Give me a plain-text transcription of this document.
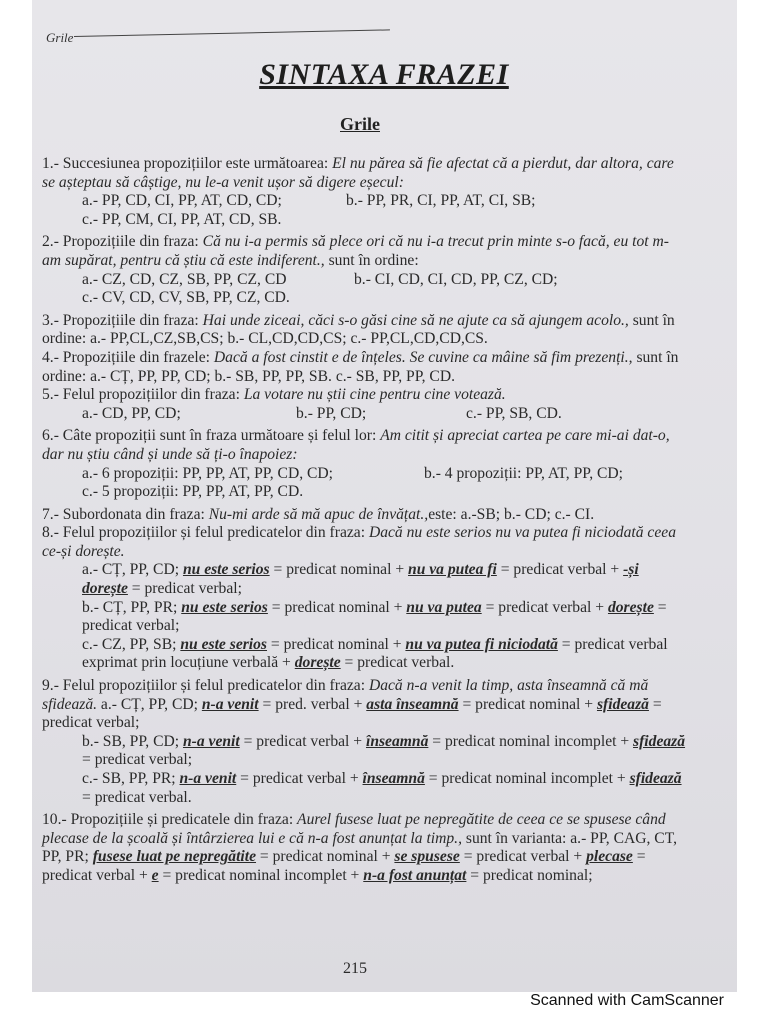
Grile
SINTAXA FRAZEI
Grile

1.- Succesiunea propozițiilor este următoarea: El nu părea să fie afectat că a pierdut, dar altora, care se așteptau să câștige, nu le-a venit ușor să digere eșecul:

a.- PP, CD, CI, PP, AT, CD, CD;	b.- PP, PR, CI, PP, AT, CI, SB;

c.- PP, CM, CI, PP, AT, CD, SB.

2.- Propozițiile din fraza: Că nu i-a permis să plece ori că nu i-a trecut prin minte s-o facă, eu tot m-am supărat, pentru că știu că este indiferent., sunt în ordine:

a.- CZ, CD, CZ, SB, PP, CZ, CD	b.- CI, CD, CI, CD, PP, CZ, CD;

c.- CV, CD, CV, SB, PP, CZ, CD.

3.- Propozițiile din fraza: Hai unde ziceai, căci s-o găsi cine să ne ajute ca să ajungem acolo., sunt în ordine: a.- PP,CL,CZ,SB,CS; b.- CL,CD,CD,CS; c.- PP,CL,CD,CD,CS.

4.- Propozițiile din frazele: Dacă a fost cinstit e de înțeles. Se cuvine ca mâine să fim prezenți., sunt în ordine: a.- CȚ, PP, PP, CD; b.- SB, PP, PP, SB. c.- SB, PP, PP, CD.

5.- Felul propozițiilor din fraza: La votare nu știi cine pentru cine votează.

a.- CD, PP, CD;	b.- PP, CD;	c.- PP, SB, CD.

6.- Câte propoziții sunt în fraza următoare și felul lor: Am citit și apreciat cartea pe care mi-ai dat-o, dar nu știu când și unde să ți-o înapoiez:

a.- 6 propoziții: PP, PP, AT, PP, CD, CD;	b.- 4 propoziții: PP, AT, PP, CD;

c.- 5 propoziții: PP, PP, AT, PP, CD.

7.- Subordonata din fraza: Nu-mi arde să mă apuc de învățat.,este: a.-SB; b.- CD; c.- CI.

8.- Felul propozițiilor și felul predicatelor din fraza: Dacă nu este serios nu va putea fi niciodată ceea ce-și dorește.

a.- CȚ, PP, CD; nu este serios = predicat nominal + nu va putea fi = predicat verbal + -și dorește = predicat verbal;

b.- CȚ, PP, PR; nu este serios = predicat nominal + nu va putea = predicat verbal + dorește = predicat verbal;

c.- CZ, PP, SB; nu este serios = predicat nominal + nu va putea fi niciodată = predicat verbal exprimat prin locuțiune verbală + dorește = predicat verbal.

9.- Felul propozițiilor și felul predicatelor din fraza: Dacă n-a venit la timp, asta înseamnă că mă sfidează. a.- CȚ, PP, CD; n-a venit = pred. verbal + asta înseamnă = predicat nominal + sfidează = predicat verbal;

b.- SB, PP, CD; n-a venit = predicat verbal + înseamnă = predicat nominal incomplet + sfidează = predicat verbal;

c.- SB, PP, PR; n-a venit = predicat verbal + înseamnă = predicat nominal incomplet + sfidează = predicat verbal.

10.- Propozițiile și predicatele din fraza: Aurel fusese luat pe nepregătite de ceea ce se spusese când plecase de la școală și întârzierea lui e că n-a fost anunțat la timp., sunt în varianta: a.- PP, CAG, CT, PP, PR; fusese luat pe nepregătite = predicat nominal + se spusese = predicat verbal + plecase = predicat verbal + e = predicat nominal incomplet + n-a fost anunțat = predicat nominal;

215
Scanned with CamScanner
